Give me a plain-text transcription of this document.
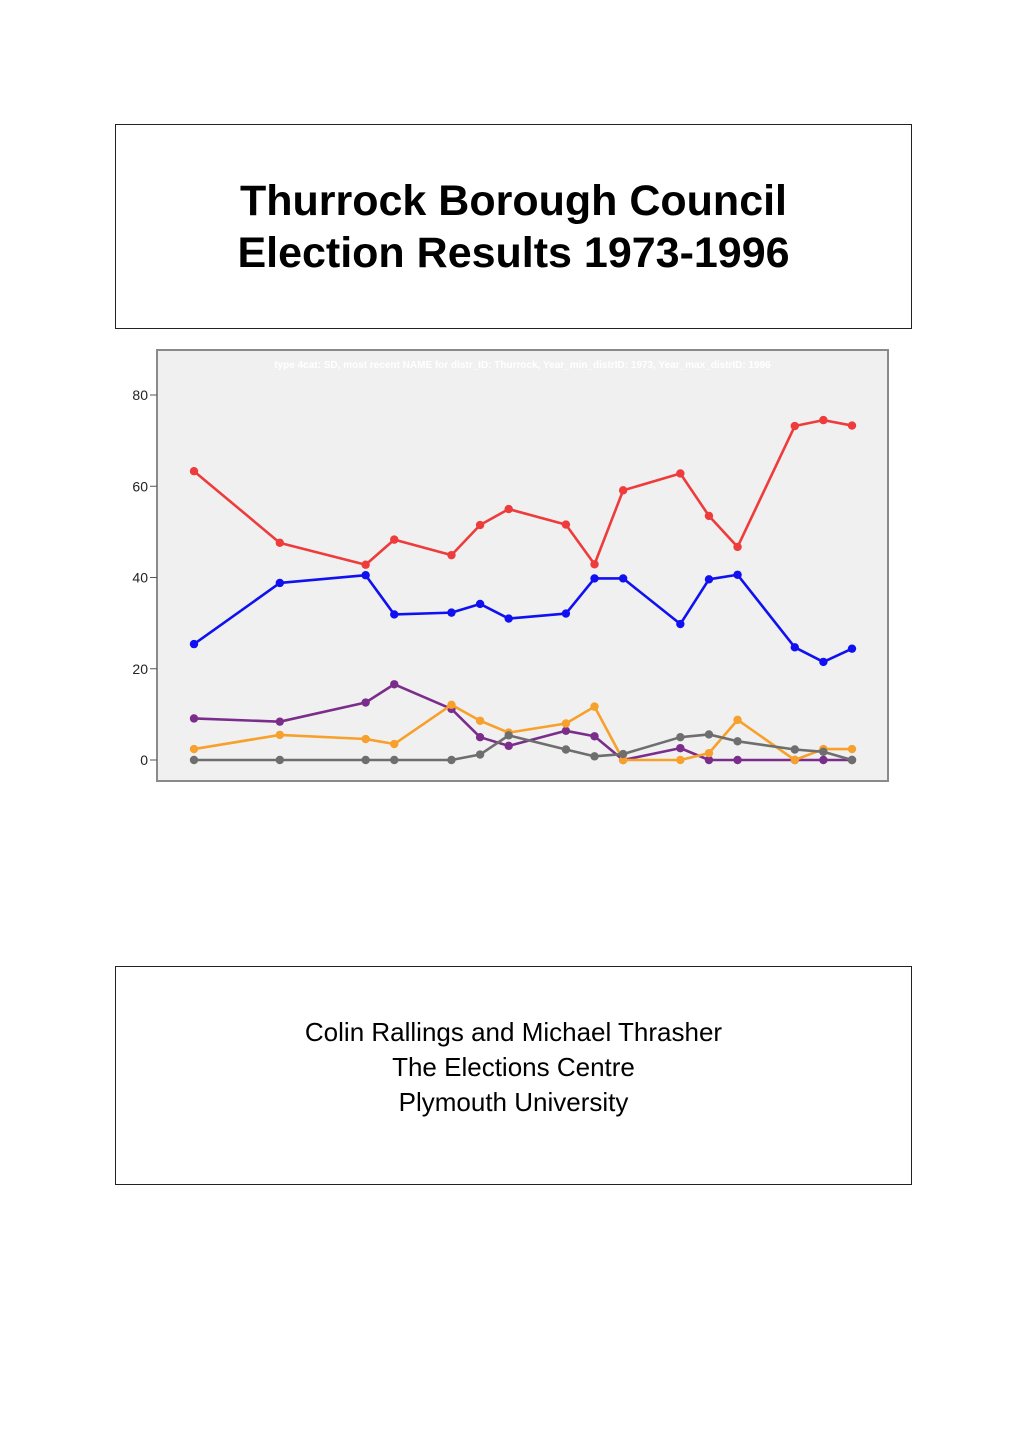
Thurrock Borough Council
Election Results 1973-1996
type 4cat: SD, most recent NAME for distr_ID: Thurrock, Year_min_distrID: 1973, Year_max_distrID: 1996
0
20
40
60
80
Colin Rallings and Michael Thrasher
The Elections Centre
Plymouth University
